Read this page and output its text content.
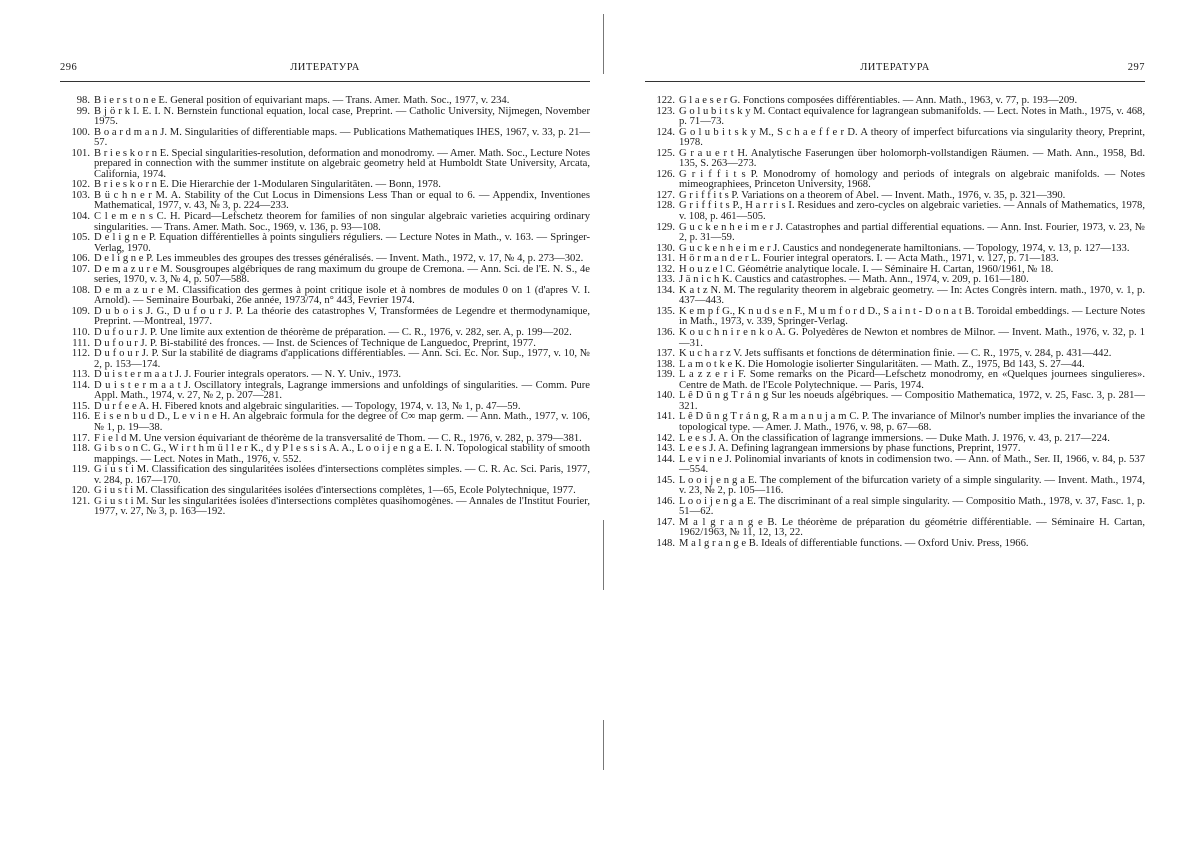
296	ЛИТЕРАТУРА
98. B i e r s t o n e E. General position of equivariant maps. — Trans. Amer. Math. Soc., 1977, v. 234.
99. B j ö r k I. E. I. N. Bernstein functional equation, local case, Preprint. — Catholic University, Nijmegen, November 1975.
100. B o a r d m a n J. M. Singularities of differentiable maps. — Publications Mathematiques IHES, 1967, v. 33, p. 21—57.
101. B r i e s k o r n E. Special singularities-resolution, deformation and monodromy. — Amer. Math. Soc., Lecture Notes prepared in connection with the summer institute on algebraic geometry held at Humboldt State University, Arcata, California, 1974.
102. B r i e s k o r n E. Die Hierarchie der 1-Modularen Singularitäten. — Bonn, 1978.
103. B ü c h n e r M. A. Stability of the Cut Locus in Dimensions Less Than or equal to 6. — Appendix, Inventiones Mathematical, 1977, v. 43, № 3, p. 224—233.
104. C l e m e n s C. H. Picard—Lefschetz theorem for families of non singular algebraic varieties acquiring ordinary singularities. — Trans. Amer. Math. Soc., 1969, v. 136, p. 93—108.
105. D e l i g n e P. Equation différentielles à points singuliers réguliers. — Lecture Notes in Math., v. 163. — Springer-Verlag, 1970.
106. D e l i g n e P. Les immeubles des groupes des tresses généralisés. — Invent. Math., 1972, v. 17, № 4, p. 273—302.
107. D e m a z u r e M. Sousgroupes algébriques de rang maximum du groupe de Cremona. — Ann. Sci. de l'E. N. S., 4e series, 1970, v. 3, № 4, p. 507—588.
108. D e m a z u r e M. Classification des germes à point critique isole et à nombres de modules 0 on 1 (d'apres V. I. Arnold). — Seminaire Bourbaki, 26e année, 1973/74, n° 443, Fevrier 1974.
109. D u b o i s J. G., D u f o u r J. P. La théorie des catastrophes V, Transformées de Legendre et thermodynamique, Preprint. —Montreal, 1977.
110. D u f o u r J. P. Une limite aux extention de théorème de préparation. — C. R., 1976, v. 282, ser. A, p. 199—202.
111. D u f o u r J. P. Bi-stabilité des fronces. — Inst. de Sciences of Technique de Languedoc, Preprint, 1977.
112. D u f o u r J. P. Sur la stabilité de diagrams d'applications différentiables. — Ann. Sci. Ec. Nor. Sup., 1977, v. 10, № 2, p. 153—174.
113. D u i s t e r m a a t J. J. Fourier integrals operators. — N. Y. Univ., 1973.
114. D u i s t e r m a a t J. Oscillatory integrals, Lagrange immersions and unfoldings of singularities. — Comm. Pure Appl. Math., 1974, v. 27, № 2, p. 207—281.
115. D u r f e e A. H. Fibered knots and algebraic singularities. — Topology, 1974, v. 13, № 1, p. 47—59.
116. E i s e n b u d D., L e v i n e H. An algebraic formula for the degree of C∞ map germ. — Ann. Math., 1977, v. 106, № 1, p. 19—38.
117. F i e l d M. Une version équivariant de théorème de la transversalité de Thom. — C. R., 1976, v. 282, p. 379—381.
118. G i b s o n C. G., W i r t h m ü l l e r K., d y P l e s s i s A. A., L o o i j e n g a E. I. N. Topological stability of smooth mappings. — Lect. Notes in Math., 1976, v. 552.
119. G i u s t i M. Classification des singularitées isolées d'intersections complètes simples. — C. R. Ac. Sci. Paris, 1977, v. 284, p. 167—170.
120. G i u s t i M. Classification des singularitées isolées d'intersections complètes, 1—65, Ecole Polytechnique, 1977.
121. G i u s t i M. Sur les singularitées isolées d'intersections complètes quasihomogènes. — Annales de l'Institut Fourier, 1977, v. 27, № 3, p. 163—192.
ЛИТЕРАТУРА	297
122. G l a e s e r G. Fonctions composées différentiables. — Ann. Math., 1963, v. 77, p. 193—209.
123. G o l u b i t s k y M. Contact equivalence for lagrangean submanifolds. — Lect. Notes in Math., 1975, v. 468, p. 71—73.
124. G o l u b i t s k y M., S c h a e f f e r D. A theory of imperfect bifurcations via singularity theory, Preprint, 1978.
125. G r a u e r t H. Analytische Faserungen über holomorph-vollstandigen Räumen. — Math. Ann., 1958, Bd. 135, S. 263—273.
126. G r i f f i t s P. Monodromy of homology and periods of integrals on algebraic manifolds. — Notes mimeographiees, Princeton University, 1968.
127. G r i f f i t s P. Variations on a theorem of Abel. — Invent. Math., 1976, v. 35, p. 321—390.
128. G r i f f i t s P., H a r r i s I. Residues and zero-cycles on algebraic varieties. — Annals of Mathematics, 1978, v. 108, p. 461—505.
129. G u c k e n h e i m e r J. Catastrophes and partial differential equations. — Ann. Inst. Fourier, 1973, v. 23, № 2, p. 31—59.
130. G u c k e n h e i m e r J. Caustics and nondegenerate hamiltonians. — Topology, 1974, v. 13, p. 127—133.
131. H ö r m a n d e r L. Fourier integral operators. I. — Acta Math., 1971, v. 127, p. 71—183.
132. H o u z e l C. Géométrie analytique locale. I. — Séminaire H. Cartan, 1960/1961, № 18.
133. J ä n i c h K. Caustics and catastrophes. — Math. Ann., 1974, v. 209, p. 161—180.
134. K a t z N. M. The regularity theorem in algebraic geometry. — In: Actes Congrès intern. math., 1970, v. 1, p. 437—443.
135. K e m p f G., K n u d s e n F., M u m f o r d D., S a i n t - D o n a t B. Toroidal embeddings. — Lecture Notes in Math., 1973, v. 339, Springer-Verlag.
136. K o u c h n i r e n k o A. G. Polyedères de Newton et nombres de Milnor. — Invent. Math., 1976, v. 32, p. 1—31.
137. K u c h a r z V. Jets suffisants et fonctions de détermination finie. — C. R., 1975, v. 284, p. 431—442.
138. L a m o t k e K. Die Homologie isolierter Singularitäten. — Math. Z., 1975, Bd 143, S. 27—44.
139. L a z z e r i F. Some remarks on the Picard—Lefschetz monodromy, en «Quelques journees singulieres». Centre de Math. de l'Ecole Polytechnique. — Paris, 1974.
140. L ê D ũ n g T r á n g Sur les noeuds algébriques. — Compositio Mathematica, 1972, v. 25, Fasc. 3, p. 281—321.
141. L ê D ũ n g T r á n g, R a m a n u j a m C. P. The invariance of Milnor's number implies the invariance of the topological type. — Amer. J. Math., 1976, v. 98, p. 67—68.
142. L e e s J. A. On the classification of lagrange immersions. — Duke Math. J. 1976, v. 43, p. 217—224.
143. L e e s J. A. Defining lagrangean immersions by phase functions, Preprint, 1977.
144. L e v i n e J. Polinomial invariants of knots in codimension two. — Ann. of Math., Ser. II, 1966, v. 84, p. 537—554.
145. L o o i j e n g a E. The complement of the bifurcation variety of a simple singularity. — Invent. Math., 1974, v. 23, № 2, p. 105—116.
146. L o o i j e n g a E. The discriminant of a real simple singularity. — Compositio Math., 1978, v. 37, Fasc. 1, p. 51—62.
147. M a l g r a n g e B. Le théorème de préparation du géométrie différentiable. — Séminaire H. Cartan, 1962/1963, № 11, 12, 13, 22.
148. M a l g r a n g e B. Ideals of differentiable functions. — Oxford Univ. Press, 1966.
